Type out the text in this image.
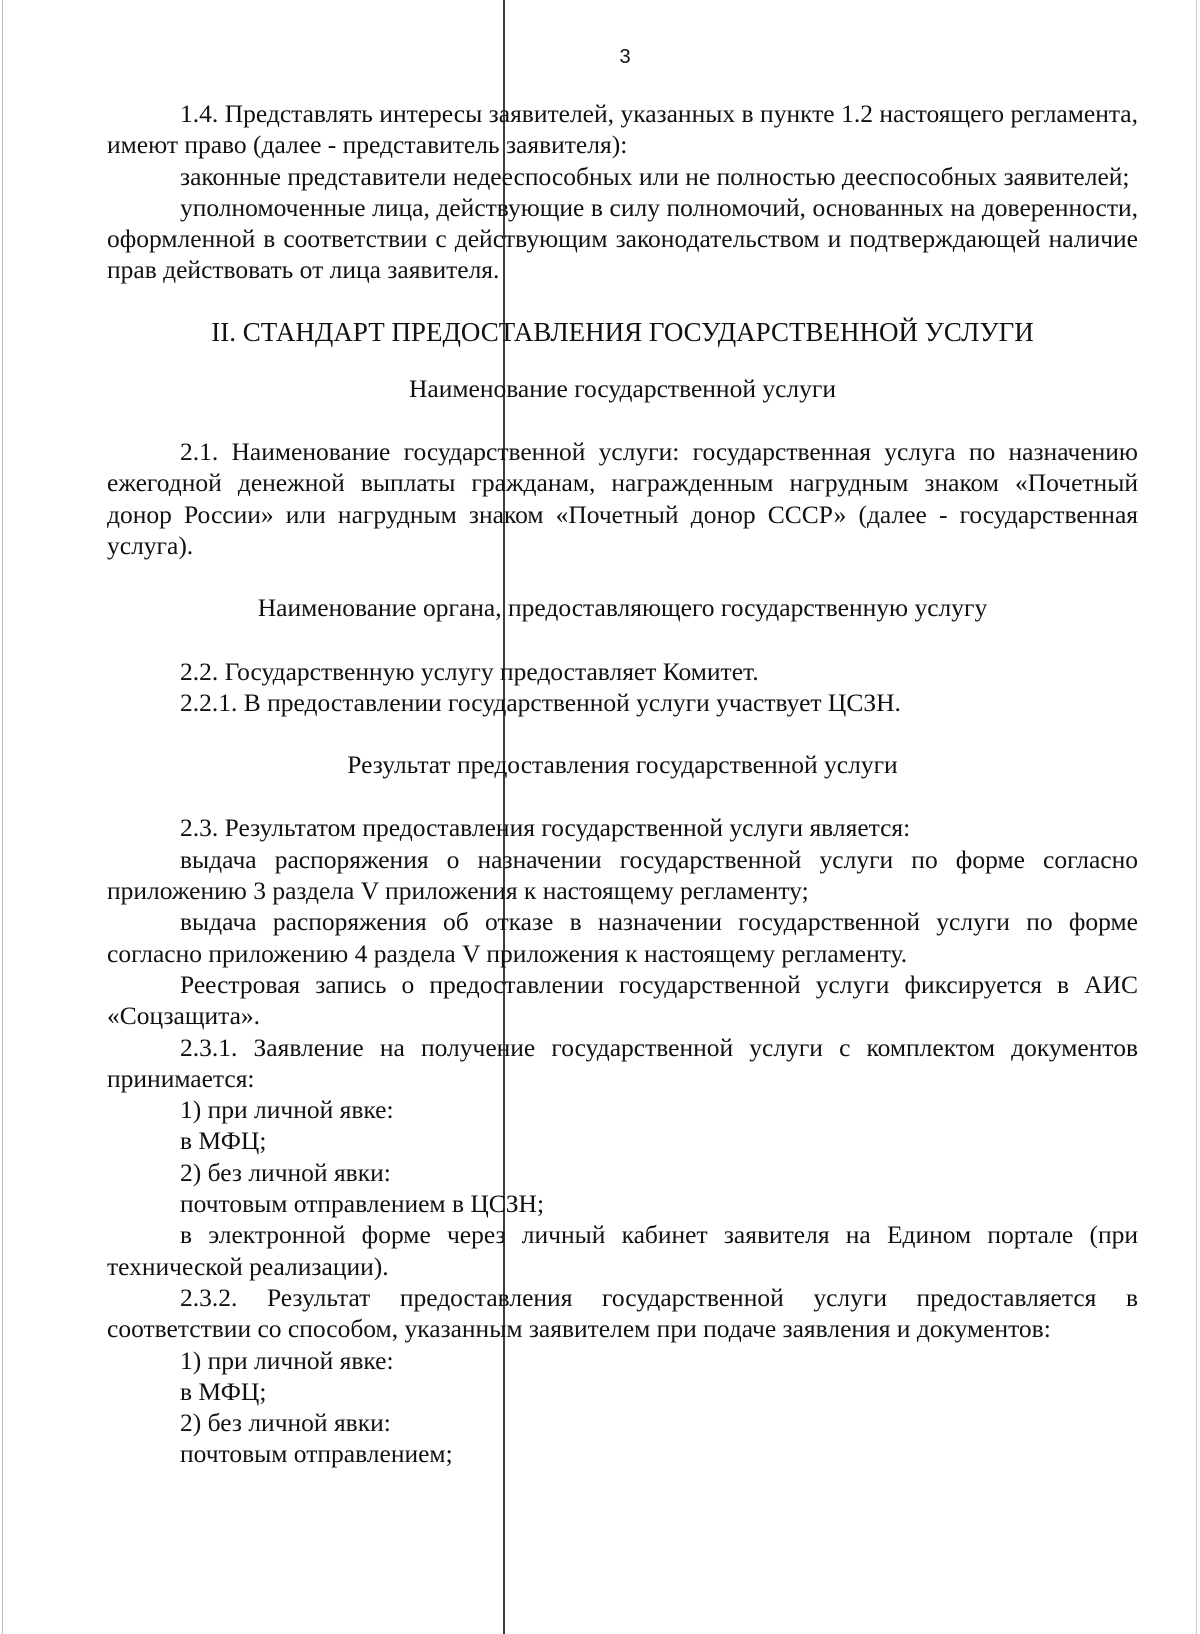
3

1.4. Представлять интересы заявителей, указанных в пункте 1.2 настоящего регламента, имеют право (далее - представитель заявителя):

законные представители недееспособных или не полностью дееспособных заявителей;

уполномоченные лица, действующие в силу полномочий, основанных на доверенности, оформленной в соответствии с действующим законодательством и подтверждающей наличие прав действовать от лица заявителя.

II. СТАНДАРТ ПРЕДОСТАВЛЕНИЯ ГОСУДАРСТВЕННОЙ УСЛУГИ

Наименование государственной услуги

2.1. Наименование государственной услуги: государственная услуга по назначению ежегодной денежной выплаты гражданам, награжденным нагрудным знаком «Почетный донор России» или нагрудным знаком «Почетный донор СССР» (далее - государственная услуга).

Наименование органа, предоставляющего государственную услугу

2.2. Государственную услугу предоставляет Комитет.

2.2.1. В предоставлении государственной услуги участвует ЦСЗН.

Результат предоставления государственной услуги

2.3. Результатом предоставления государственной услуги является:

выдача распоряжения о назначении государственной услуги по форме согласно приложению 3 раздела V приложения к настоящему регламенту;

выдача распоряжения об отказе в назначении государственной услуги по форме согласно приложению 4 раздела V приложения к настоящему регламенту.

Реестровая запись о предоставлении государственной услуги фиксируется в АИС «Соцзащита».

2.3.1. Заявление на получение государственной услуги с комплектом документов принимается:

1) при личной явке:

в МФЦ;

2) без личной явки:

почтовым отправлением в ЦСЗН;

в электронной форме через личный кабинет заявителя на Едином портале (при технической реализации).

2.3.2. Результат предоставления государственной услуги предоставляется в соответствии со способом, указанным заявителем при подаче заявления и документов:

1) при личной явке:

в МФЦ;

2) без личной явки:

почтовым отправлением;
